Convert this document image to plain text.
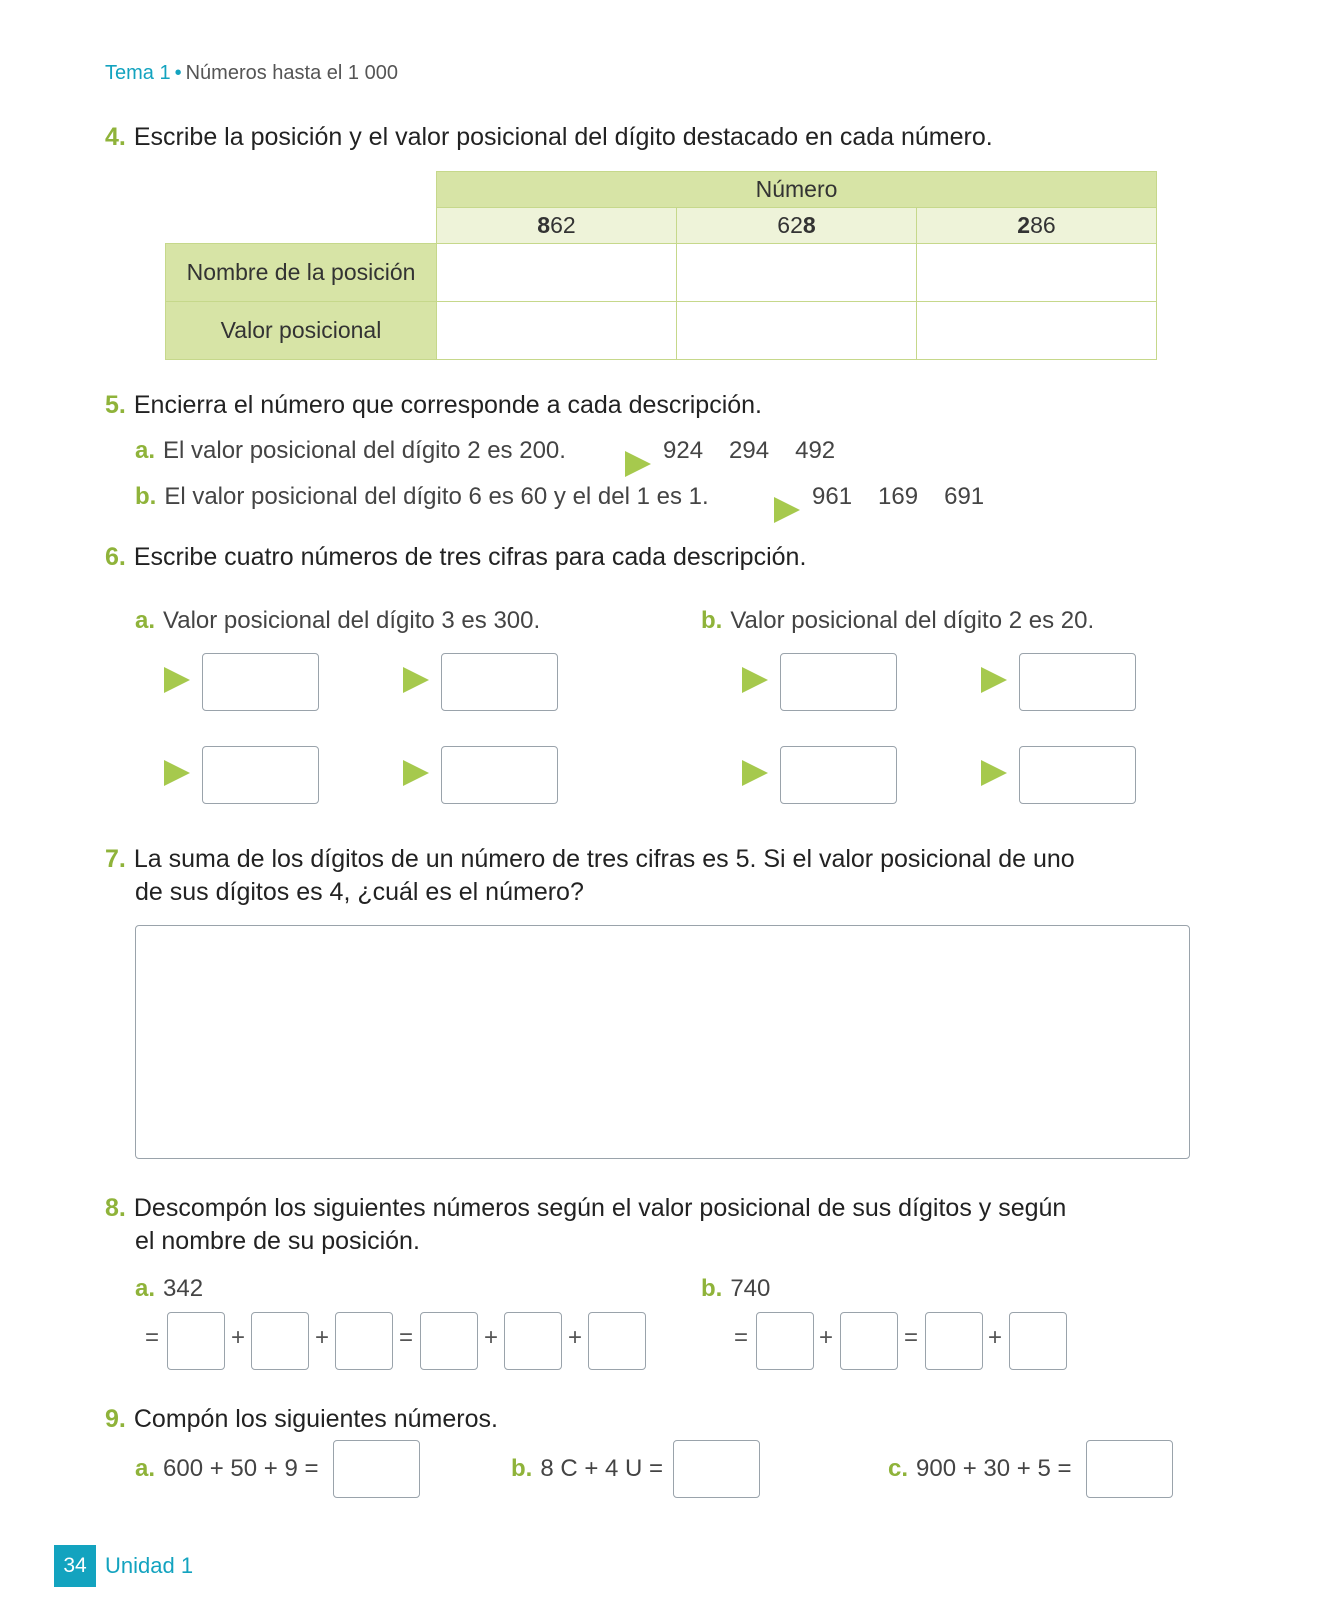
Tema 1 • Números hasta el 1 000
4. Escribe la posición y el valor posicional del dígito destacado en cada número.
	Número		
	862	628	286
Nombre de la posición			
Valor posicional			
5. Encierra el número que corresponde a cada descripción.
a. El valor posicional del dígito 2 es 200.	924 294 492
b. El valor posicional del dígito 6 es 60 y el del 1 es 1.	961 169 691
6. Escribe cuatro números de tres cifras para cada descripción.
a. Valor posicional del dígito 3 es 300.	b. Valor posicional del dígito 2 es 20.
7. La suma de los dígitos de un número de tres cifras es 5. Si el valor posicional de uno
de sus dígitos es 4, ¿cuál es el número?
8. Descompón los siguientes números según el valor posicional de sus dígitos y según
el nombre de su posición.
a. 342	b. 740
=	+	+	=	+	+	=	+	=	+
9. Compón los siguientes números.
a. 600 + 50 + 9 =	b. 8 C + 4 U =	c. 900 + 30 + 5 =
34 Unidad 1
